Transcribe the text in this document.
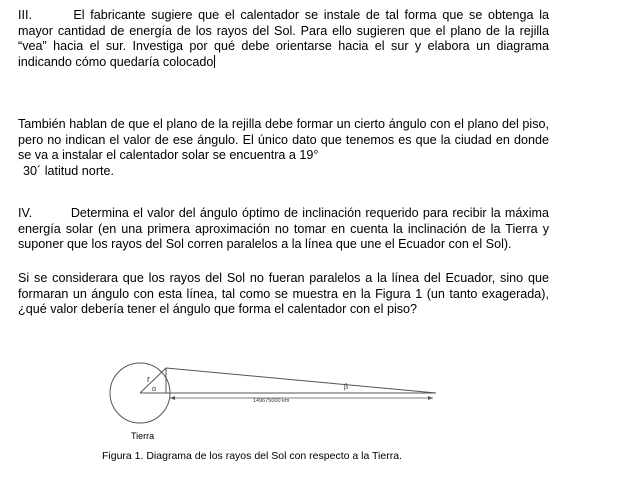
III.	El fabricante sugiere que el calentador se instale de tal forma que se obtenga la mayor cantidad de energía de los rayos del Sol. Para ello sugieren que el plano de la rejilla “vea” hacia el sur. Investiga por qué debe orientarse hacia el sur y elabora un diagrama indicando cómo quedaría colocado

También hablan de que el plano de la rejilla debe formar un cierto ángulo con el plano del piso, pero no indican el valor de ese ángulo. El único dato que tenemos es que la ciudad en donde se va a instalar el calentador solar se encuentra a 19°
30´ latitud norte.

IV.	Determina el valor del ángulo óptimo de inclinación requerido para recibir la máxima energía solar (en una primera aproximación no tomar en cuenta la inclinación de la Tierra y suponer que los rayos del Sol corren paralelos a la línea que une el Ecuador con el Sol).

Si se considerara que los rayos del Sol no fueran paralelos a la línea del Ecuador, sino que formaran un ángulo con esta línea, tal como se muestra en la Figura 1 (un tanto exagerada), ¿qué valor debería tener el ángulo que forma el calentador con el piso?

r
α	β
149675000 km
Tierra
Figura 1. Diagrama de los rayos del Sol con respecto a la Tierra.
